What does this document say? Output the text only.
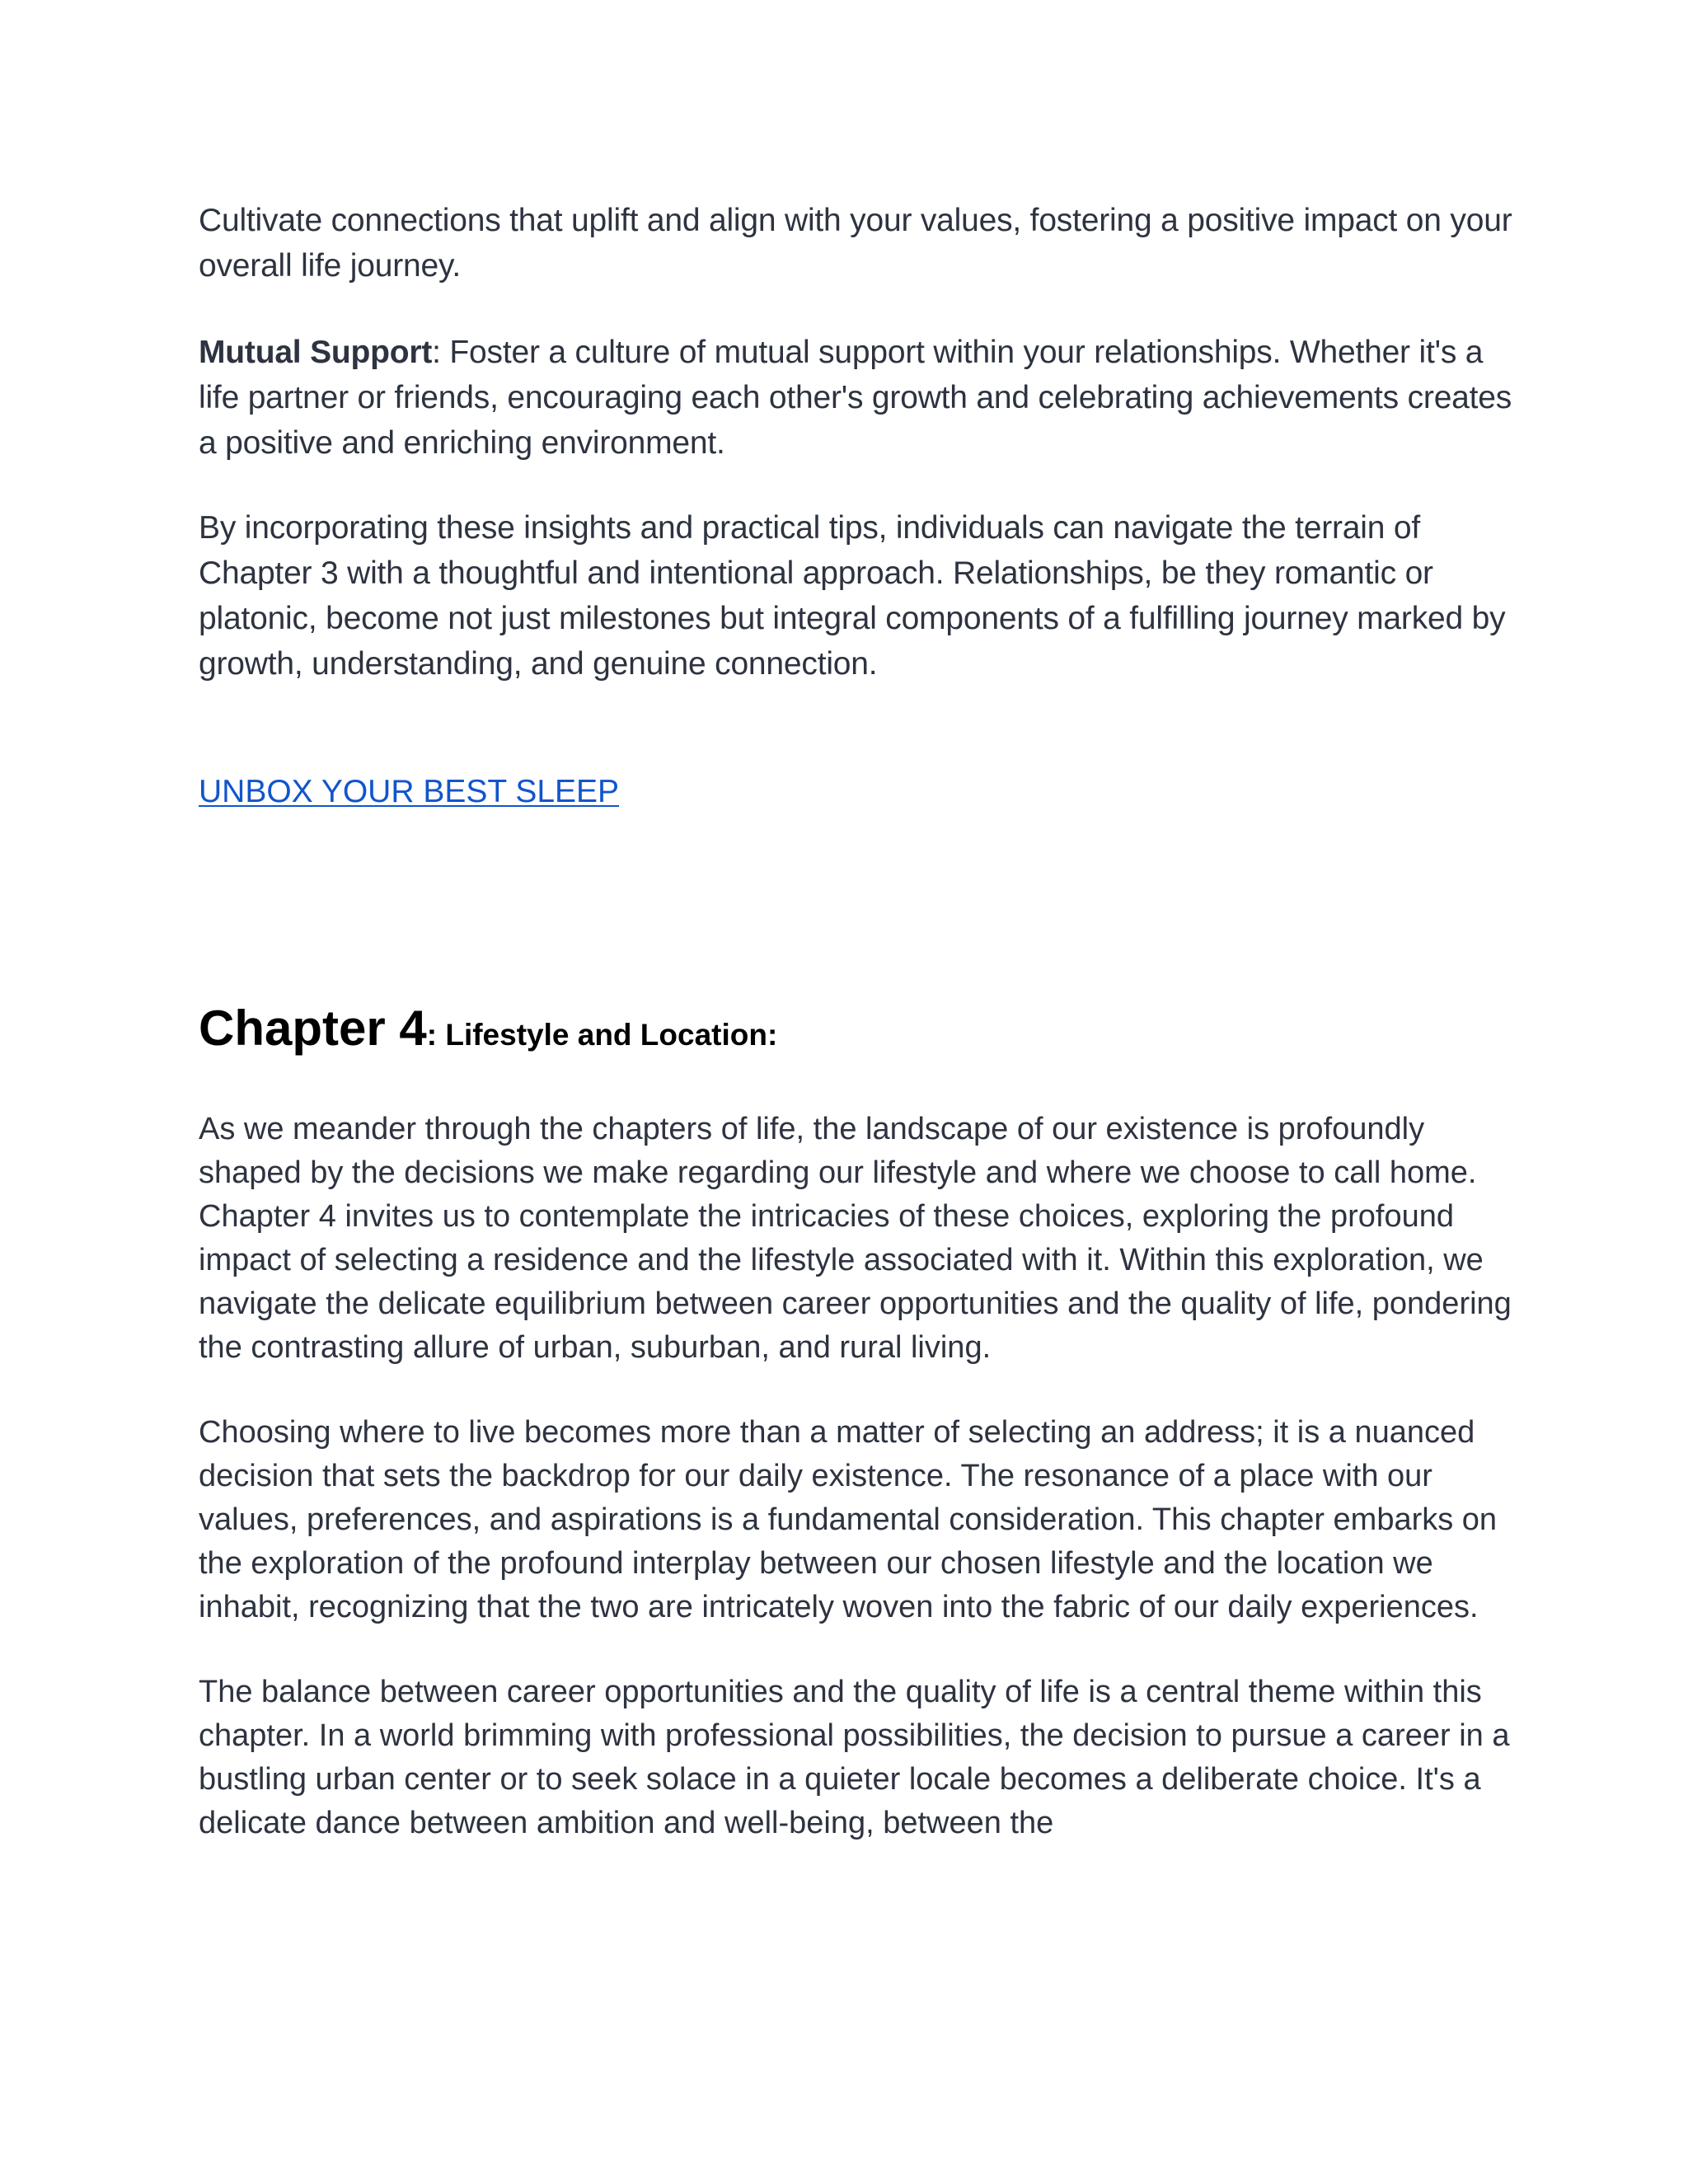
Cultivate connections that uplift and align with your values, fostering a positive impact on your overall life journey.

Mutual Support: Foster a culture of mutual support within your relationships. Whether it's a life partner or friends, encouraging each other's growth and celebrating achievements creates a positive and enriching environment.

By incorporating these insights and practical tips, individuals can navigate the terrain of Chapter 3 with a thoughtful and intentional approach. Relationships, be they romantic or platonic, become not just milestones but integral components of a fulfilling journey marked by growth, understanding, and genuine connection.

UNBOX YOUR BEST SLEEP
Chapter 4: Lifestyle and Location:

As we meander through the chapters of life, the landscape of our existence is profoundly shaped by the decisions we make regarding our lifestyle and where we choose to call home. Chapter 4 invites us to contemplate the intricacies of these choices, exploring the profound impact of selecting a residence and the lifestyle associated with it. Within this exploration, we navigate the delicate equilibrium between career opportunities and the quality of life, pondering the contrasting allure of urban, suburban, and rural living.

Choosing where to live becomes more than a matter of selecting an address; it is a nuanced decision that sets the backdrop for our daily existence. The resonance of a place with our values, preferences, and aspirations is a fundamental consideration. This chapter embarks on the exploration of the profound interplay between our chosen lifestyle and the location we inhabit, recognizing that the two are intricately woven into the fabric of our daily experiences.

The balance between career opportunities and the quality of life is a central theme within this chapter. In a world brimming with professional possibilities, the decision to pursue a career in a bustling urban center or to seek solace in a quieter locale becomes a deliberate choice. It's a delicate dance between ambition and well-being, between the
